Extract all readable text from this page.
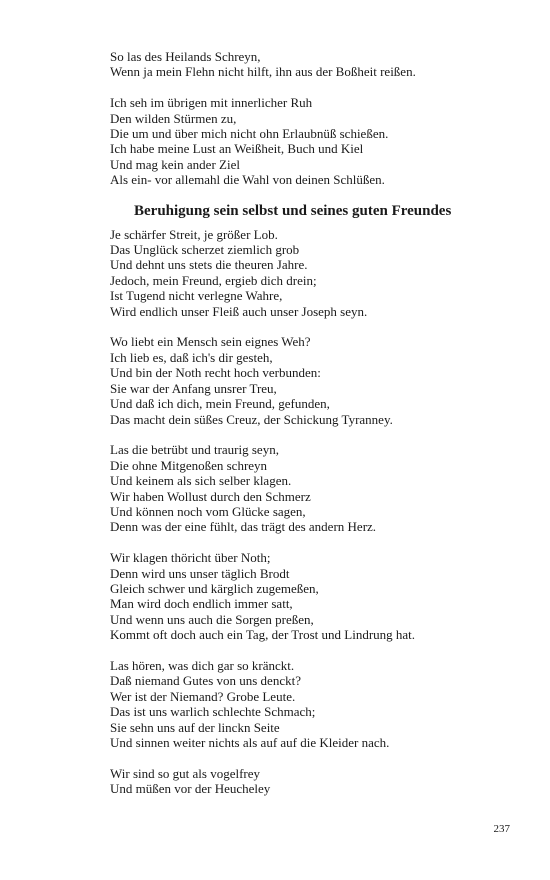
So las des Heilands Schreyn,
Wenn ja mein Flehn nicht hilft, ihn aus der Boßheit reißen.
Ich seh im übrigen mit innerlicher Ruh
Den wilden Stürmen zu,
Die um und über mich nicht ohn Erlaubnüß schießen.
Ich habe meine Lust an Weißheit, Buch und Kiel
Und mag kein ander Ziel
Als ein- vor allemahl die Wahl von deinen Schlüßen.
Beruhigung sein selbst und seines guten Freundes
Je schärfer Streit, je größer Lob.
Das Unglück scherzet ziemlich grob
Und dehnt uns stets die theuren Jahre.
Jedoch, mein Freund, ergieb dich drein;
Ist Tugend nicht verlegne Wahre,
Wird endlich unser Fleiß auch unser Joseph seyn.
Wo liebt ein Mensch sein eignes Weh?
Ich lieb es, daß ich's dir gesteh,
Und bin der Noth recht hoch verbunden:
Sie war der Anfang unsrer Treu,
Und daß ich dich, mein Freund, gefunden,
Das macht dein süßes Creuz, der Schickung Tyranney.
Las die betrübt und traurig seyn,
Die ohne Mitgenoßen schreyn
Und keinem als sich selber klagen.
Wir haben Wollust durch den Schmerz
Und können noch vom Glücke sagen,
Denn was der eine fühlt, das trägt des andern Herz.
Wir klagen thöricht über Noth;
Denn wird uns unser täglich Brodt
Gleich schwer und kärglich zugemeßen,
Man wird doch endlich immer satt,
Und wenn uns auch die Sorgen preßen,
Kommt oft doch auch ein Tag, der Trost und Lindrung hat.
Las hören, was dich gar so kränckt.
Daß niemand Gutes von uns denckt?
Wer ist der Niemand? Grobe Leute.
Das ist uns warlich schlechte Schmach;
Sie sehn uns auf der linckn Seite
Und sinnen weiter nichts als auf auf die Kleider nach.
Wir sind so gut als vogelfrey
Und müßen vor der Heucheley
237
